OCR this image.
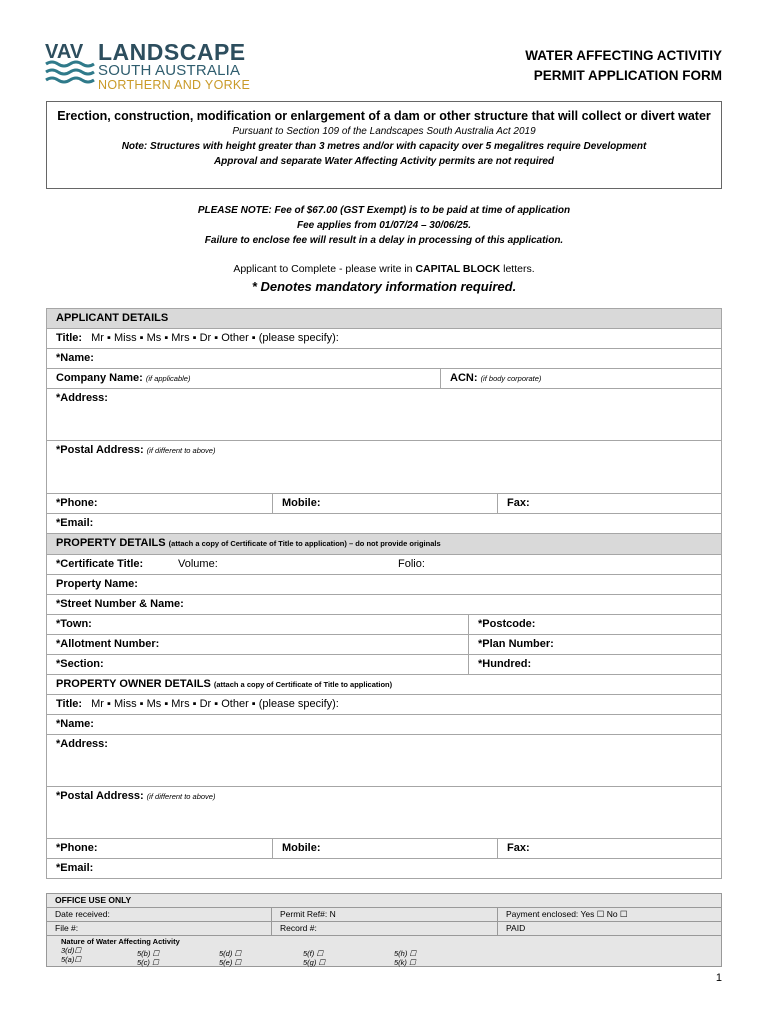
VAV LANDSCAPE
SOUTH AUSTRALIA
NORTHERN AND YORKE
WATER AFFECTING ACTIVITIY
PERMIT APPLICATION FORM
Erection, construction, modification or enlargement of a dam or other structure that will collect or divert water
Pursuant to Section 109 of the Landscapes South Australia Act 2019
Note: Structures with height greater than 3 metres and/or with capacity over 5 megalitres require Development
Approval and separate Water Affecting Activity permits are not required
PLEASE NOTE: Fee of $67.00 (GST Exempt) is to be paid at time of application
Fee applies from 01/07/24 – 30/06/25.
Failure to enclose fee will result in a delay in processing of this application.
Applicant to Complete - please write in CAPITAL BLOCK letters.
* Denotes mandatory information required.
APPLICANT DETAILS
Title: Mr ▪ Miss ▪ Ms ▪ Mrs ▪ Dr ▪ Other ▪ (please specify):
*Name:
Company Name: (if applicable)	ACN: (if body corporate)
*Address:
*Postal Address: (if different to above)
*Phone:	Mobile:	Fax:
*Email:
PROPERTY DETAILS (attach a copy of Certificate of Title to application) – do not provide originals
*Certificate Title:	Volume:	Folio:
Property Name:
*Street Number & Name:
*Town:	*Postcode:
*Allotment Number:	*Plan Number:
*Section:	*Hundred:
PROPERTY OWNER DETAILS (attach a copy of Certificate of Title to application)
Title: Mr ▪ Miss ▪ Ms ▪ Mrs ▪ Dr ▪ Other ▪ (please specify):
*Name:
*Address:
*Postal Address: (if different to above)
*Phone:	Mobile:	Fax:
*Email:
OFFICE USE ONLY
Date received:	Permit Ref#: N	Payment enclosed: Yes ☐ No ☐
File #:	Record #:	PAID
Nature of Water Affecting Activity
3(d)☐
5(a)☐
5(b) ☐
5(c) ☐
5(d) ☐
5(e) ☐
5(f) ☐
5(g) ☐
5(h) ☐
5(k) ☐
1
